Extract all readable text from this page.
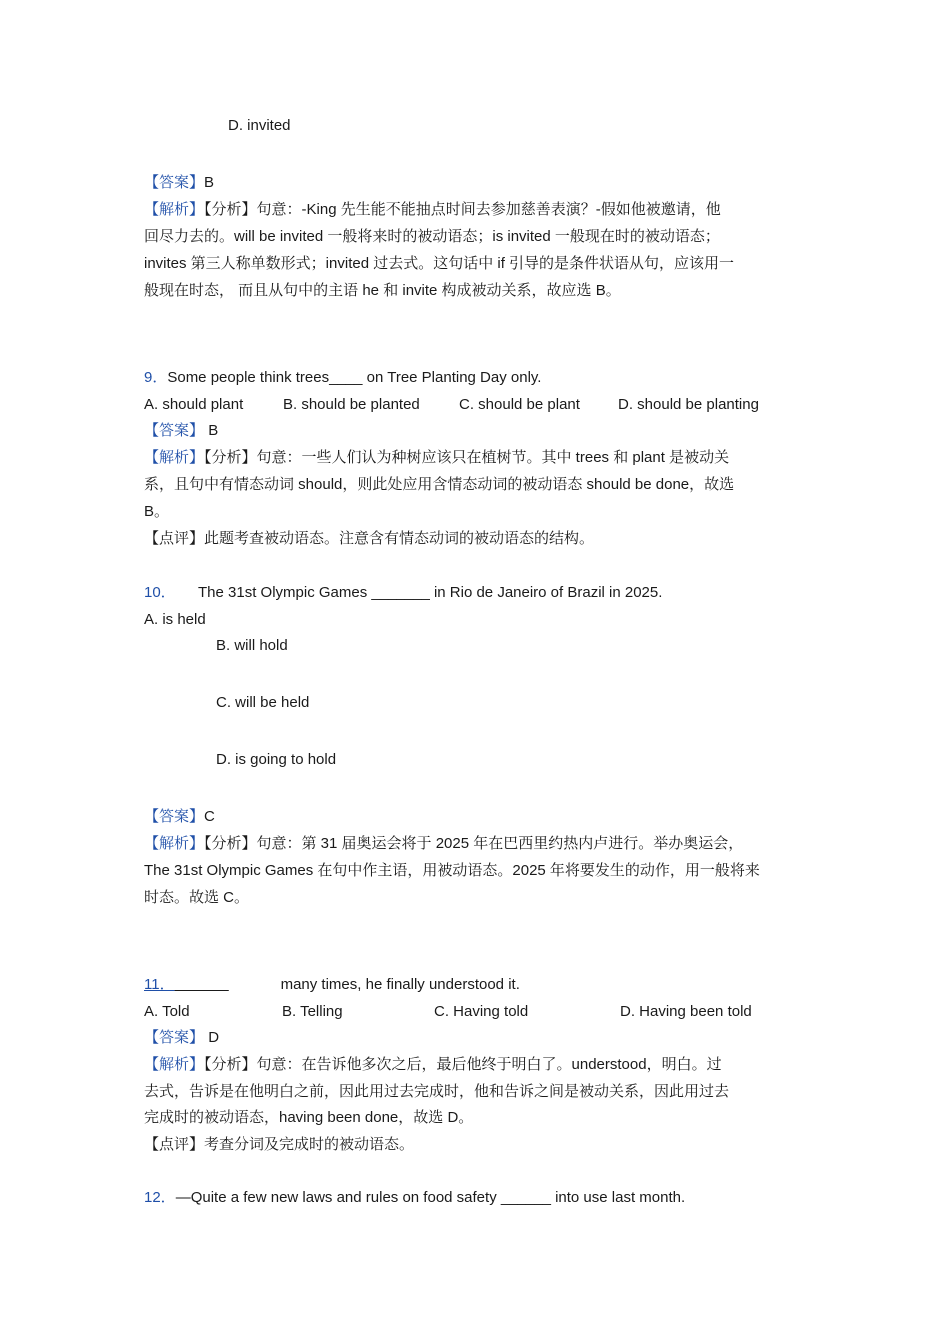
D. invited
【答案】B
【解析】【分析】句意：-King 先生能不能抽点时间去参加慈善表演？-假如他被邀请，他
回尽力去的。will be invited 一般将来时的被动语态；is invited 一般现在时的被动语态；
invites 第三人称单数形式；invited 过去式。这句话中 if 引导的是条件状语从句，应该用一
般现在时态， 而且从句中的主语 he 和 invite 构成被动关系，故应选 B。
9．Some people think trees____ on Tree Planting Day only.
A. should plant	B. should be planted	C. should be plant	D. should be planting
【答案】 B
【解析】【分析】句意：一些人们认为种树应该只在植树节。其中 trees 和 plant 是被动关
系，且句中有情态动词 should，则此处应用含情态动词的被动语态 should be done，故选
B。
【点评】此题考查被动语态。注意含有情态动词的被动语态的结构。
10． The 31st Olympic Games _______ in Rio de Janeiro of Brazil in 2025.
A. is held
B. will hold
C. will be held
D. is going to hold
【答案】C
【解析】【分析】句意：第 31 届奥运会将于 2025 年在巴西里约热内卢进行。举办奥运会，
The 31st Olympic Games 在句中作主语，用被动语态。2025 年将要发生的动作，用一般将来
时态。故选 C。
11．	many times, he finally understood it.
A. Told	B. Telling	C. Having told	D. Having been told
【答案】 D
【解析】【分析】句意：在告诉他多次之后，最后他终于明白了。understood，明白。过
去式，告诉是在他明白之前，因此用过去完成时，他和告诉之间是被动关系，因此用过去
完成时的被动语态，having been done，故选 D。
【点评】考查分词及完成时的被动语态。
12．—Quite a few new laws and rules on food safety ______ into use last month.
